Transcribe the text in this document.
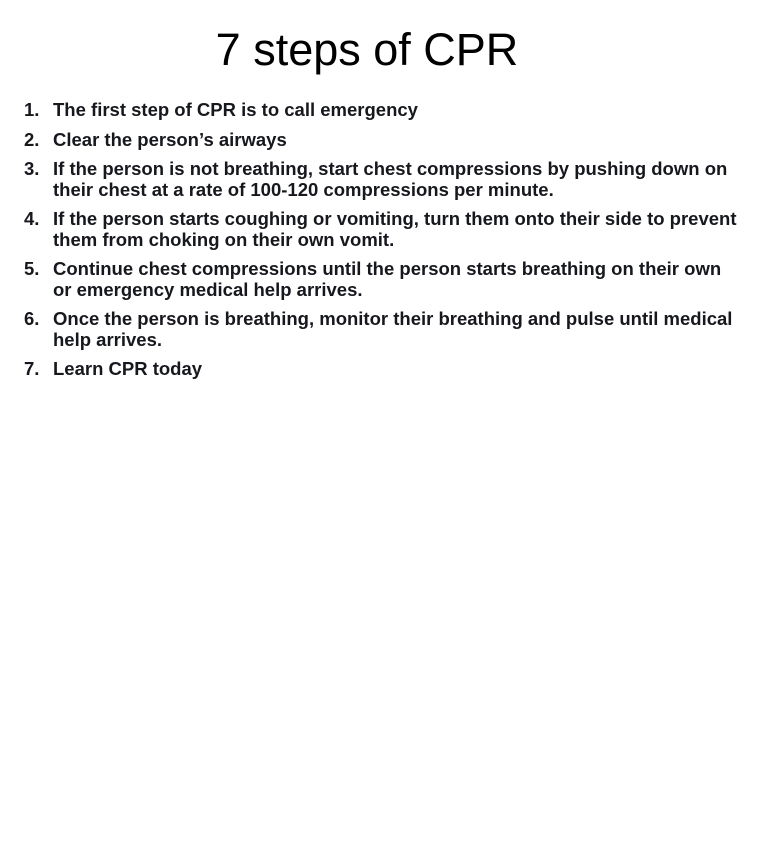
7 steps of CPR
1. The first step of CPR is to call emergency
2. Clear the person’s airways
3. If the person is not breathing, start chest compressions by pushing down on their chest at a rate of 100-120 compressions per minute.
4. If the person starts coughing or vomiting, turn them onto their side to prevent them from choking on their own vomit.
5. Continue chest compressions until the person starts breathing on their own or emergency medical help arrives.
6. Once the person is breathing, monitor their breathing and pulse until medical help arrives.
7. Learn CPR today
